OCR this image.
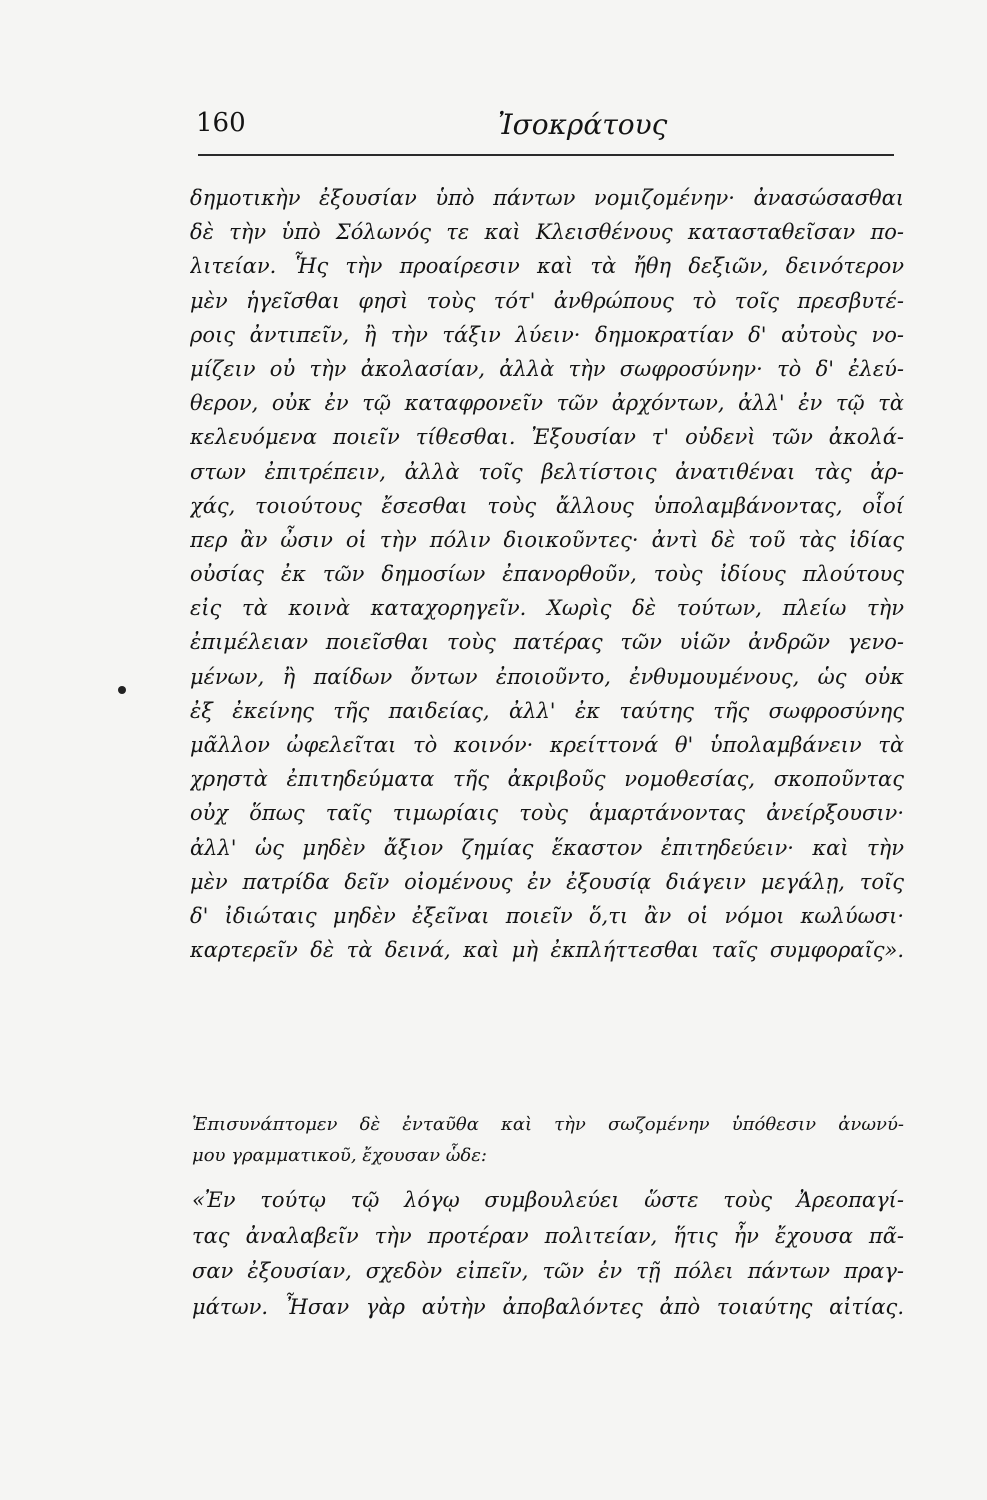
160	Ἰσοκράτους
δημοτικὴν ἐξουσίαν ὑπὸ πάντων νομιζομένην· ἀνασώσασθαι
δὲ τὴν ὑπὸ Σόλωνός τε καὶ Κλεισθένους κατασταθεῖσαν πο-
λιτείαν. Ἧς τὴν προαίρεσιν καὶ τὰ ἤθη δεξιῶν, δεινότερον
μὲν ἡγεῖσθαι φησὶ τοὺς τότ' ἀνθρώπους τὸ τοῖς πρεσβυτέ-
ροις ἀντιπεῖν, ἢ τὴν τάξιν λύειν· δημοκρατίαν δ' αὐτοὺς νο-
μίζειν οὐ τὴν ἀκολασίαν, ἀλλὰ τὴν σωφροσύνην· τὸ δ' ἐλεύ-
θερον, οὐκ ἐν τῷ καταφρονεῖν τῶν ἀρχόντων, ἀλλ' ἐν τῷ τὰ
κελευόμενα ποιεῖν τίθεσθαι. Ἐξουσίαν τ' οὐδενὶ τῶν ἀκολά-
στων ἐπιτρέπειν, ἀλλὰ τοῖς βελτίστοις ἀνατιθέναι τὰς ἀρ-
χάς, τοιούτους ἔσεσθαι τοὺς ἄλλους ὑπολαμβάνοντας, οἷοί
περ ἂν ὦσιν οἱ τὴν πόλιν διοικοῦντες· ἀντὶ δὲ τοῦ τὰς ἰδίας
οὐσίας ἐκ τῶν δημοσίων ἐπανορθοῦν, τοὺς ἰδίους πλούτους
εἰς τὰ κοινὰ καταχορηγεῖν. Χωρὶς δὲ τούτων, πλείω τὴν
ἐπιμέλειαν ποιεῖσθαι τοὺς πατέρας τῶν υἱῶν ἀνδρῶν γενο-
μένων, ἢ παίδων ὄντων ἐποιοῦντο, ἐνθυμουμένους, ὡς οὐκ
ἐξ ἐκείνης τῆς παιδείας, ἀλλ' ἐκ ταύτης τῆς σωφροσύνης
μᾶλλον ὠφελεῖται τὸ κοινόν· κρείττονά θ' ὑπολαμβάνειν τὰ
χρηστὰ ἐπιτηδεύματα τῆς ἀκριβοῦς νομοθεσίας, σκοποῦντας
οὐχ ὅπως ταῖς τιμωρίαις τοὺς ἁμαρτάνοντας ἀνείρξουσιν·
ἀλλ' ὡς μηδὲν ἄξιον ζημίας ἕκαστον ἐπιτηδεύειν· καὶ τὴν
μὲν πατρίδα δεῖν οἰομένους ἐν ἐξουσίᾳ διάγειν μεγάλῃ, τοῖς
δ' ἰδιώταις μηδὲν ἐξεῖναι ποιεῖν ὅ,τι ἂν οἱ νόμοι κωλύωσι·
καρτερεῖν δὲ τὰ δεινά, καὶ μὴ ἐκπλήττεσθαι ταῖς συμφοραῖς».
Ἐπισυνάπτομεν δὲ ἐνταῦθα καὶ τὴν σωζομένην ὑπόθεσιν ἀνωνύ-
μου γραμματικοῦ, ἔχουσαν ὧδε:
«Ἐν τούτῳ τῷ λόγῳ συμβουλεύει ὥστε τοὺς Ἀρεοπαγί-
τας ἀναλαβεῖν τὴν προτέραν πολιτείαν, ἥτις ἦν ἔχουσα πᾶ-
σαν ἐξουσίαν, σχεδὸν εἰπεῖν, τῶν ἐν τῇ πόλει πάντων πραγ-
μάτων. Ἦσαν γὰρ αὐτὴν ἀποβαλόντες ἀπὸ τοιαύτης αἰτίας.
